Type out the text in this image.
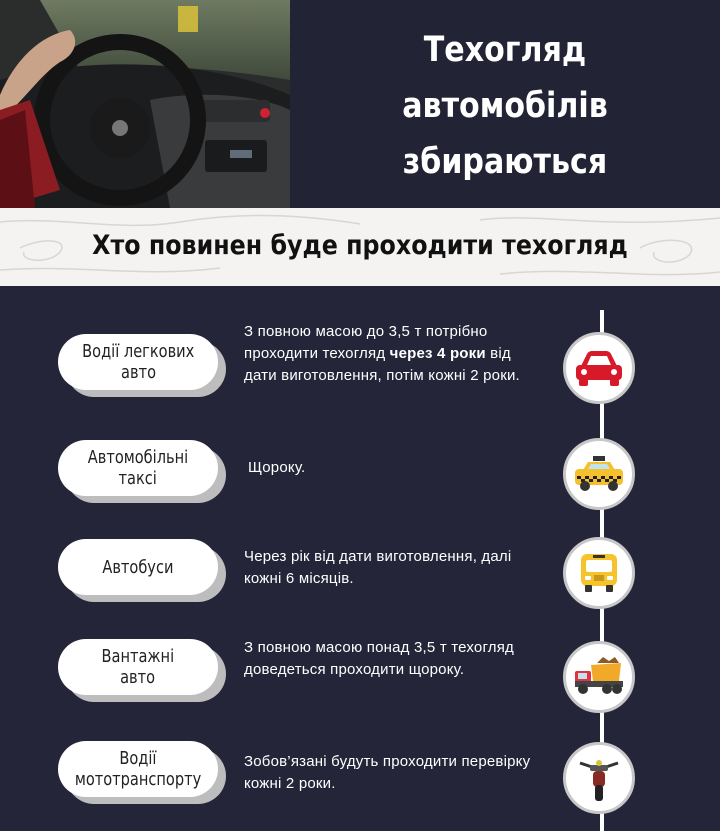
Техогляд автомобілів
збираються
Хто повинен буде проходити техогляд
Водії легкових
авто
З повною масою до 3,5 т потрібно проходити техогляд через 4 роки від дати виготовлення, потім кожні 2 роки.
Автомобільні
таксі
Щороку.
Автобуси	Через рік від дати виготовлення, далі кожні 6 місяців.
Вантажні
авто
З повною масою понад 3,5 т техогляд доведеться проходити щороку.
Водії
мототранспорту
Зобов’язані будуть проходити перевірку кожні 2 роки.
